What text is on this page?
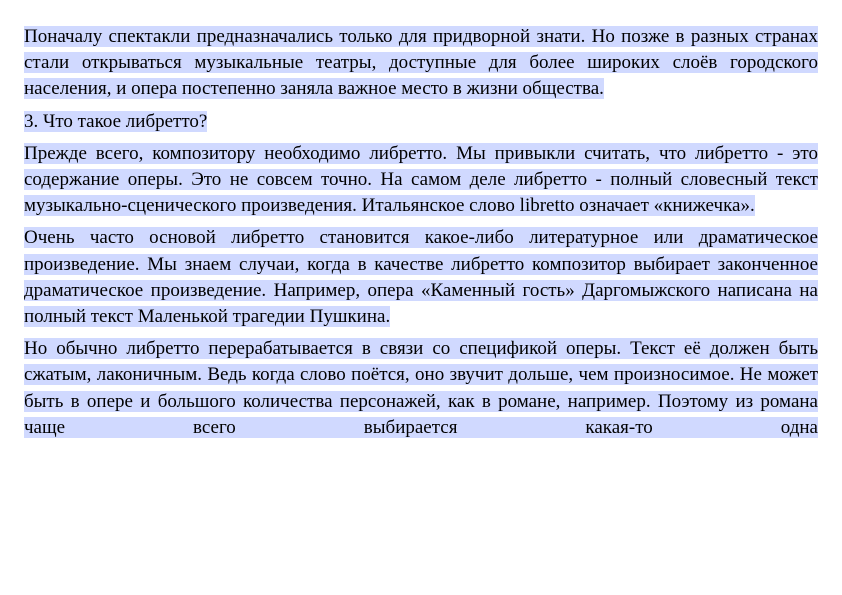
Поначалу спектакли предназначались только для придворной знати. Но позже в разных странах стали открываться музыкальные театры, доступные для более широких слоёв городского населения, и опера постепенно заняла важное место в жизни общества.

3. Что такое либретто?

Прежде всего, композитору необходимо либретто. Мы привыкли считать, что либретто - это содержание оперы. Это не совсем точно. На самом деле либретто - полный словесный текст музыкально-сценического произведения. Итальянское слово libretto означает «книжечка».

Очень часто основой либретто становится какое-либо литературное или драматическое произведение. Мы знаем случаи, когда в качестве либретто композитор выбирает законченное драматическое произведение. Например, опера «Каменный гость» Даргомыжского написана на полный текст Маленькой трагедии Пушкина.

Но обычно либретто перерабатывается в связи со спецификой оперы. Текст её должен быть сжатым, лаконичным. Ведь когда слово поётся, оно звучит дольше, чем произносимое. Не может быть в опере и большого количества персонажей, как в романе, например. Поэтому из романа чаще всего выбирается какая-то одна
